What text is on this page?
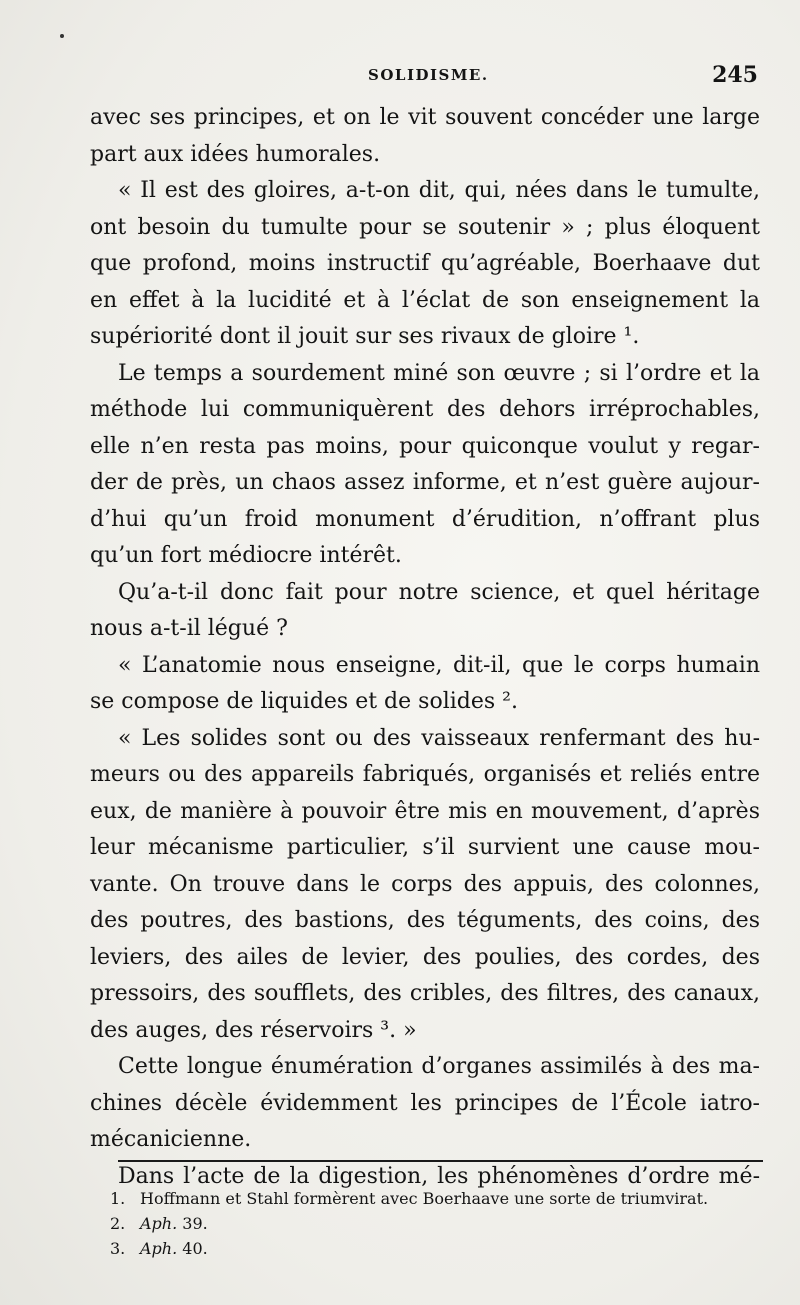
SOLIDISME.	245
avec ses principes, et on le vit souvent concéder une large
part aux idées humorales.
« Il est des gloires, a-t-on dit, qui, nées dans le tumulte,
ont besoin du tumulte pour se soutenir » ; plus éloquent
que profond, moins instructif qu’agréable, Boerhaave dut
en effet à la lucidité et à l’éclat de son enseignement la
supériorité dont il jouit sur ses rivaux de gloire ¹.
Le temps a sourdement miné son œuvre ; si l’ordre et la
méthode lui communiquèrent des dehors irréprochables,
elle n’en resta pas moins, pour quiconque voulut y regar-
der de près, un chaos assez informe, et n’est guère aujour-
d’hui qu’un froid monument d’érudition, n’offrant plus
qu’un fort médiocre intérêt.
Qu’a-t-il donc fait pour notre science, et quel héritage
nous a-t-il légué ?
« L’anatomie nous enseigne, dit-il, que le corps humain
se compose de liquides et de solides ².
« Les solides sont ou des vaisseaux renfermant des hu-
meurs ou des appareils fabriqués, organisés et reliés entre
eux, de manière à pouvoir être mis en mouvement, d’après
leur mécanisme particulier, s’il survient une cause mou-
vante. On trouve dans le corps des appuis, des colonnes,
des poutres, des bastions, des téguments, des coins, des
leviers, des ailes de levier, des poulies, des cordes, des
pressoirs, des soufflets, des cribles, des filtres, des canaux,
des auges, des réservoirs ³. »
Cette longue énumération d’organes assimilés à des ma-
chines décèle évidemment les principes de l’École iatro-
mécanicienne.
Dans l’acte de la digestion, les phénomènes d’ordre mé-
1. Hoffmann et Stahl formèrent avec Boerhaave une sorte de triumvirat.
2. Aph. 39.
3. Aph. 40.
